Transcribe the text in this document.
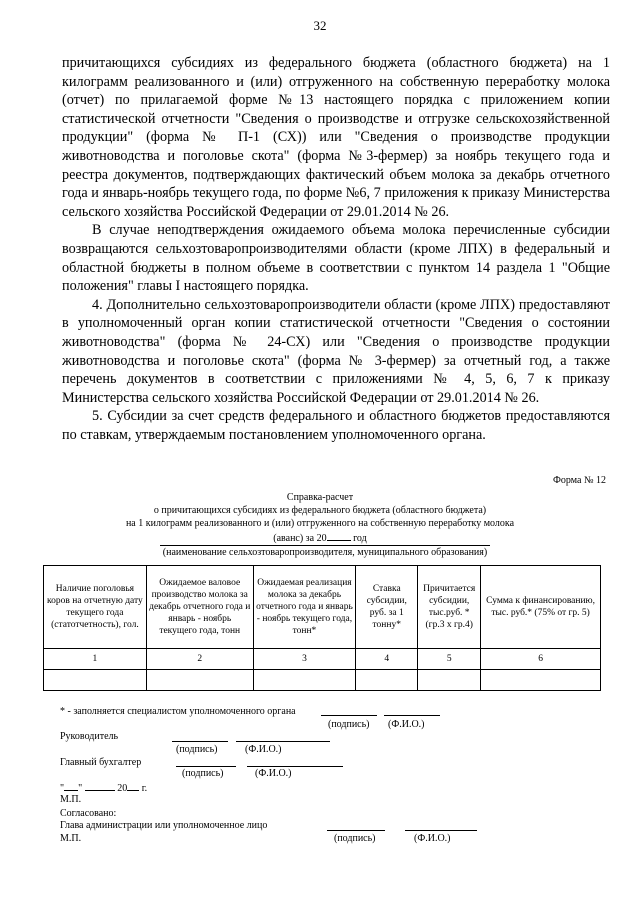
32

причитающихся субсидиях из федерального бюджета (областного бюджета) на 1 килограмм реализованного и (или) отгруженного на собственную переработку молока (отчет) по прилагаемой форме №13 настоящего порядка с приложением копии статистической отчетности "Сведения о производстве и отгрузке сельскохозяйственной продукции" (форма № П-1 (СХ)) или "Сведения о производстве продукции животноводства и поголовье скота" (форма №3-фермер) за ноябрь текущего года и реестра документов, подтверждающих фактический объем молока за декабрь отчетного года и январь-ноябрь текущего года, по форме №6, 7 приложения к приказу Министерства сельского хозяйства Российской Федерации от 29.01.2014 № 26.

В случае неподтверждения ожидаемого объема молока перечисленные субсидии возвращаются сельхозтоваропроизводителями области (кроме ЛПХ) в федеральный и областной бюджеты в полном объеме в соответствии с пунктом 14 раздела 1 "Общие положения" главы I настоящего порядка.

4. Дополнительно сельхозтоваропроизводители области (кроме ЛПХ) предоставляют в уполномоченный орган копии статистической отчетности "Сведения о состоянии животноводства" (форма № 24-СХ) или "Сведения о производстве продукции животноводства и поголовье скота" (форма № 3-фермер) за отчетный год, а также перечень документов в соответствии с приложениями № 4, 5, 6, 7 к приказу Министерства сельского хозяйства Российской Федерации от 29.01.2014 № 26.

5. Субсидии за счет средств федерального и областного бюджетов предоставляются по ставкам, утверждаемым постановлением уполномоченного органа.

Форма № 12
Справка-расчет
о причитающихся субсидиях из федерального бюджета (областного бюджета)
на 1 килограмм реализованного и (или) отгруженного на собственную переработку молока
(аванс) за 20	год
(наименование сельхозтоваропроизводителя, муниципального образования)
Наличие поголовья коров на отчетную дату текущего года (статотчетность), гол.	Ожидаемое валовое производство молока за декабрь отчетного года и январь - ноябрь текущего года, тонн	Ожидаемая реализация молока за декабрь отчетного года и январь - ноябрь текущего года, тонн*	Ставка субсидии, руб. за 1 тонну*	Причитается субсидии, тыс.руб. * (гр.3 х гр.4)	Сумма к финансированию, тыс. руб.* (75% от гр. 5)
1	2	3	4	5	6

* - заполняется специалистом уполномоченного органа
(подпись) (Ф.И.О.)
Руководитель
(подпись)	(Ф.И.О.)
Главный бухгалтер
(подпись)	(Ф.И.О.)
" "	20 г.
М.П.
Согласовано:
Глава администрации или уполномоченное лицо
М.П.	(подпись)	(Ф.И.О.)
